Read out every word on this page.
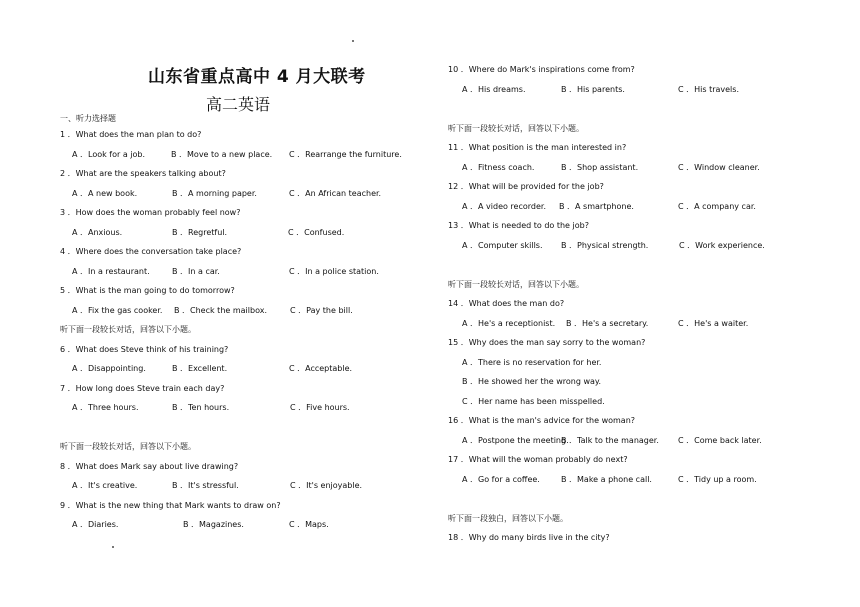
山东省重点高中 4 月大联考
高二英语
一、听力选择题
1 ．What does the man plan to do?
A ．Look for a job.	B ．Move to a new place. C ．Rearrange the furniture.
2 ．What are the speakers talking about?
A ．A new book.	B ．A morning paper.	C ．An African teacher.
3 ．How does the woman probably feel now?
A ．Anxious.	B ．Regretful.	C ．Confused.
4 ．Where does the conversation take place?
A ．In a restaurant.	B ．In a car.	C ．In a police station.
5 ．What is the man going to do tomorrow?
A ．Fix the gas cooker. B ．Check the mailbox.	C ．Pay the bill.
听下面一段较长对话，回答以下小题。
6 ．What does Steve think of his training?
A ．Disappointing.	B ．Excellent.	C ．Acceptable.
7 ．How long does Steve train each day?
A ．Three hours.	B ．Ten hours.	C ．Five hours.
听下面一段较长对话，回答以下小题。
8 ．What does Mark say about live drawing?
A ．It's creative.	B ．It's stressful.	C ．It's enjoyable.
9 ．What is the new thing that Mark wants to draw on?
A ．Diaries.	B ．Magazines.	C ．Maps.
10 ．Where do Mark's inspirations come from?
A ．His dreams.	B ．His parents.	C ．His travels.
听下面一段较长对话，回答以下小题。
11 ．What position is the man interested in?
A ．Fitness coach.	B ．Shop assistant.	C ．Window cleaner.
12 ．What will be provided for the job?
A ．A video recorder. B ．A smartphone.	C ．A company car.
13 ．What is needed to do the job?
A ．Computer skills. B ．Physical strength.	C ．Work experience.
听下面一段较长对话，回答以下小题。
14 ．What does the man do?
A ．He's a receptionist. B ．He's a secretary.	C ．He's a waiter.
15 ．Why does the man say sorry to the woman?
A ．There is no reservation for her.
B ．He showed her the wrong way.
C ．Her name has been misspelled.
16 ．What is the man's advice for the woman?
A ．Postpone the meeting.
B ．Talk to the manager. C ．Come back later.
17 ．What will the woman probably do next?
A ．Go for a coffee.	B ．Make a phone call.	C ．Tidy up a room.
听下面一段独白，回答以下小题。
18 ．Why do many birds live in the city?
